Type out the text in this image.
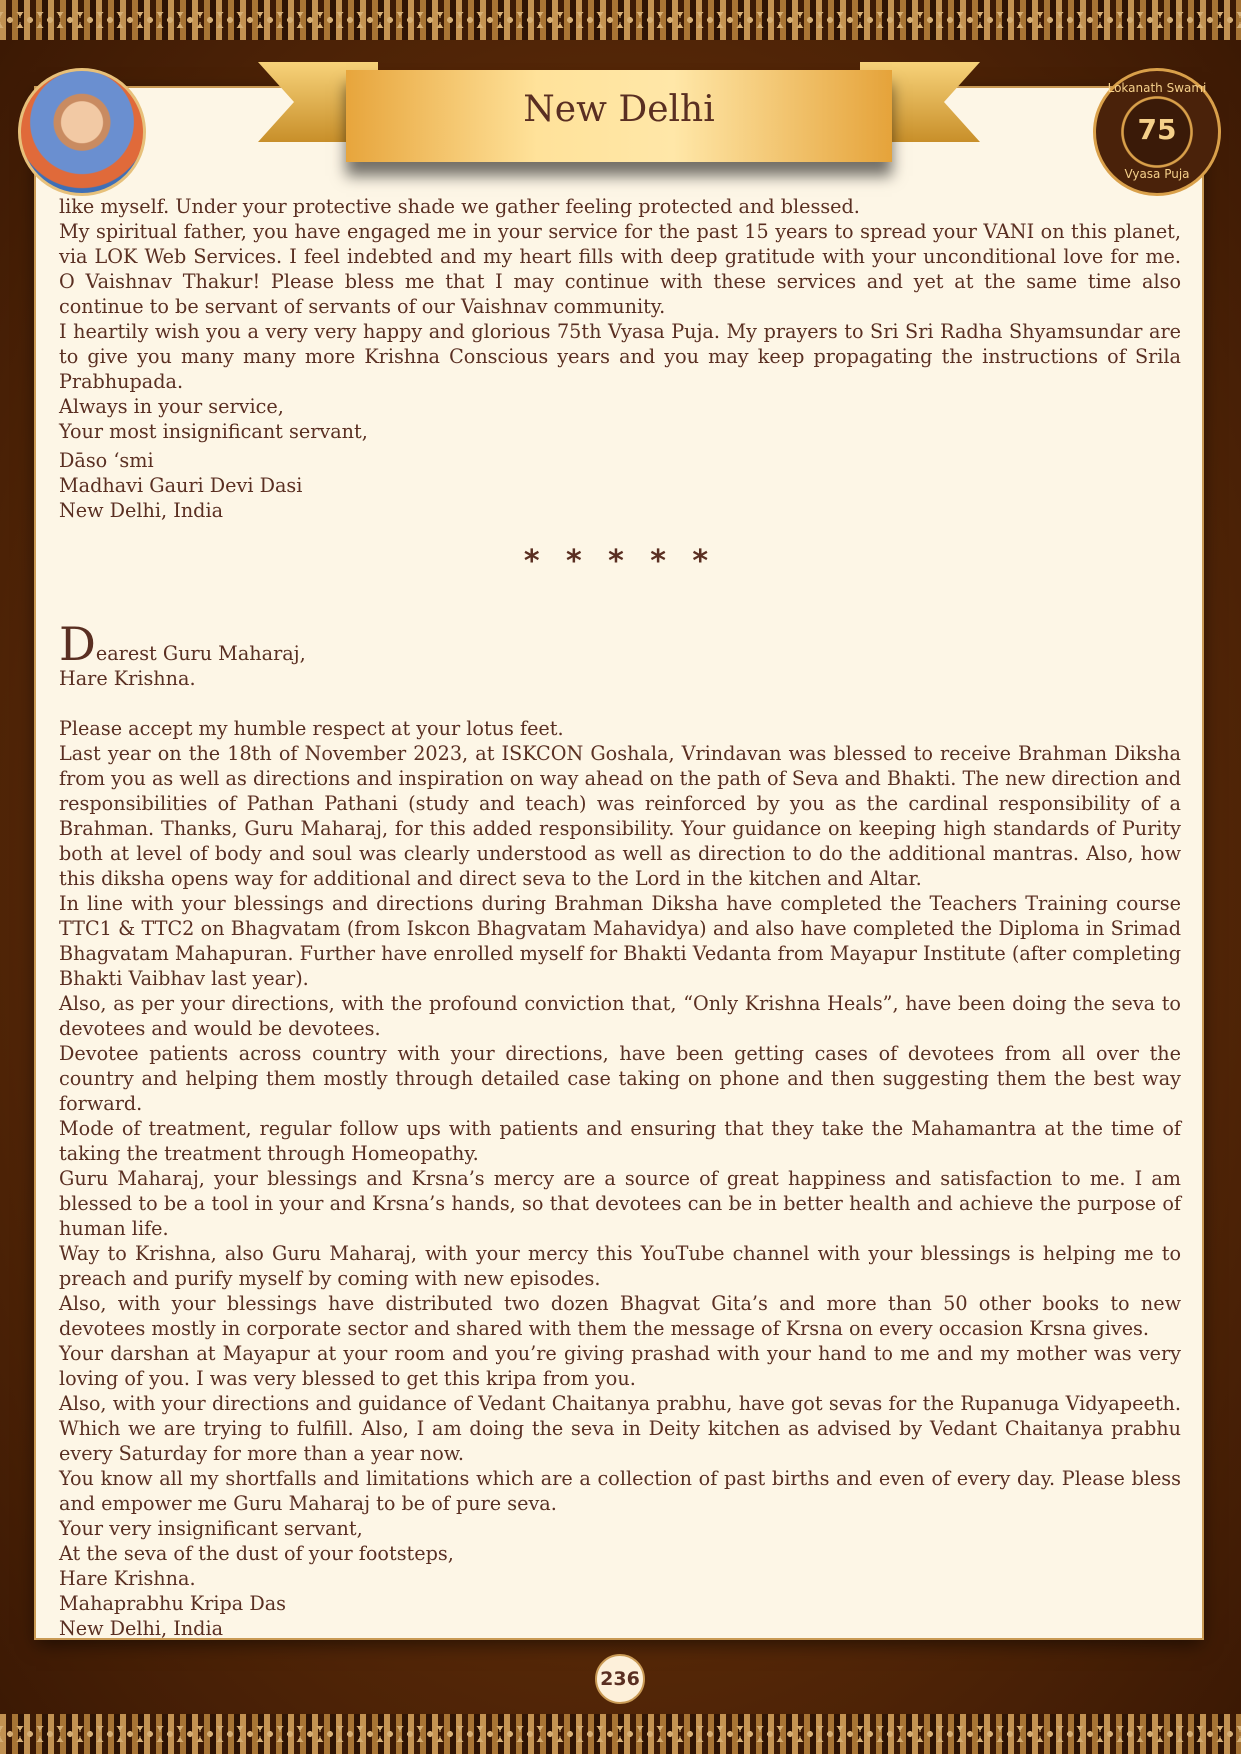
New Delhi
Lokanath Swami
75
Vyasa Puja

like myself. Under your protective shade we gather feeling protected and blessed.

My spiritual father, you have engaged me in your service for the past 15 years to spread your VANI on this planet, via LOK Web Services. I feel indebted and my heart fills with deep gratitude with your unconditional love for me. O Vaishnav Thakur! Please bless me that I may continue with these services and yet at the same time also continue to be servant of servants of our Vaishnav community.

I heartily wish you a very very happy and glorious 75th Vyasa Puja. My prayers to Sri Sri Radha Shyamsundar are to give you many many more Krishna Conscious years and you may keep propagating the instructions of Srila Prabhupada.

Always in your service,

Your most insignificant servant,

Dāso ‘smi

Madhavi Gauri Devi Dasi

New Delhi, India

* * * * *

Dearest Guru Maharaj,

Hare Krishna.

Please accept my humble respect at your lotus feet.

Last year on the 18th of November 2023, at ISKCON Goshala, Vrindavan was blessed to receive Brahman Diksha from you as well as directions and inspiration on way ahead on the path of Seva and Bhakti. The new direction and responsibilities of Pathan Pathani (study and teach) was reinforced by you as the cardinal responsibility of a Brahman. Thanks, Guru Maharaj, for this added responsibility. Your guidance on keeping high standards of Purity both at level of body and soul was clearly understood as well as direction to do the additional mantras. Also, how this diksha opens way for additional and direct seva to the Lord in the kitchen and Altar.

In line with your blessings and directions during Brahman Diksha have completed the Teachers Training course TTC1 & TTC2 on Bhagvatam (from Iskcon Bhagvatam Mahavidya) and also have completed the Diploma in Srimad Bhagvatam Mahapuran. Further have enrolled myself for Bhakti Vedanta from Mayapur Institute (after completing Bhakti Vaibhav last year).

Also, as per your directions, with the profound conviction that, “Only Krishna Heals”, have been doing the seva to devotees and would be devotees.

Devotee patients across country with your directions, have been getting cases of devotees from all over the country and helping them mostly through detailed case taking on phone and then suggesting them the best way forward.

Mode of treatment, regular follow ups with patients and ensuring that they take the Mahamantra at the time of taking the treatment through Homeopathy.

Guru Maharaj, your blessings and Krsna’s mercy are a source of great happiness and satisfaction to me. I am blessed to be a tool in your and Krsna’s hands, so that devotees can be in better health and achieve the purpose of human life.

Way to Krishna, also Guru Maharaj, with your mercy this YouTube channel with your blessings is helping me to preach and purify myself by coming with new episodes.

Also, with your blessings have distributed two dozen Bhagvat Gita’s and more than 50 other books to new devotees mostly in corporate sector and shared with them the message of Krsna on every occasion Krsna gives.

Your darshan at Mayapur at your room and you’re giving prashad with your hand to me and my mother was very loving of you. I was very blessed to get this kripa from you.

Also, with your directions and guidance of Vedant Chaitanya prabhu, have got sevas for the Rupanuga Vidyapeeth. Which we are trying to fulfill. Also, I am doing the seva in Deity kitchen as advised by Vedant Chaitanya prabhu every Saturday for more than a year now.

You know all my shortfalls and limitations which are a collection of past births and even of every day. Please bless and empower me Guru Maharaj to be of pure seva.

Your very insignificant servant,

At the seva of the dust of your footsteps,

Hare Krishna.

Mahaprabhu Kripa Das

New Delhi, India

236
